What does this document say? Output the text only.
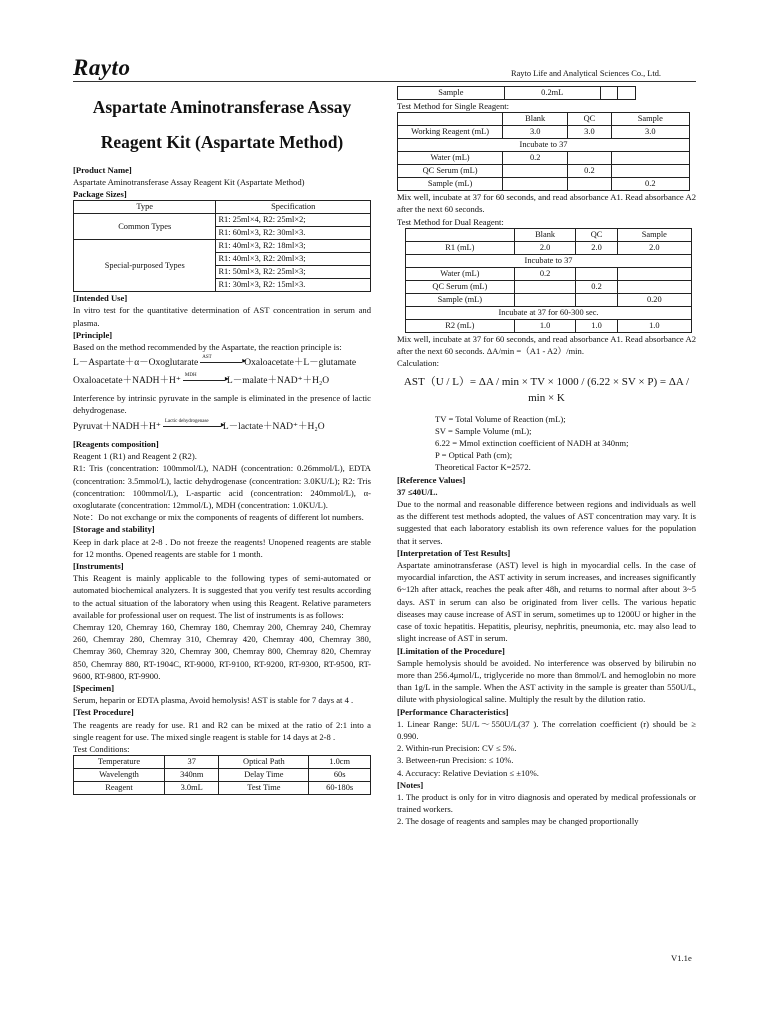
Rayto	Rayto Life and Analytical Sciences Co., Ltd.
Aspartate Aminotransferase Assay
Reagent Kit (Aspartate Method)
[Product Name]

Aspartate Aminotransferase Assay Reagent Kit (Aspartate Method)

Package Sizes]
Type	Specification
Common Types	R1: 25ml×4, R2: 25ml×2;
	R1: 60ml×3, R2: 30ml×3.
Special-purposed Types	R1: 40ml×3, R2: 18ml×3;
	R1: 40ml×3, R2: 20ml×3;
	R1: 50ml×3, R2: 25ml×3;
	R1: 30ml×3, R2: 15ml×3.
[Intended Use]

In vitro test for the quantitative determination of AST concentration in serum and plasma.

[Principle]

Based on the method recommended by the Aspartate, the reaction principle is:

L－Aspartate＋α－Oxoglutarate
AST
▸Oxaloacetate＋L－glutamate
Oxaloacetate＋NADH＋H⁺
MDH
▸L－malate＋NAD⁺＋H₂O

Interference by intrinsic pyruvate in the sample is eliminated in the presence of lactic dehydrogenase.

Pyruvat＋NADH＋H⁺
Lactic dehydrogenase
▸L－lactate＋NAD⁺＋H₂O
[Reagents composition]

Reagent 1 (R1) and Reagent 2 (R2).

R1: Tris (concentration: 100mmol/L), NADH (concentration: 0.26mmol/L), EDTA (concentration: 3.5mmol/L), lactic dehydrogenase (concentration: 3.0KU/L); R2: Tris (concentration: 100mmol/L), L-aspartic acid (concentration: 240mmol/L), α-oxoglutarate (concentration: 12mmol/L), MDH (concentration: 1.0KU/L).

Note：Do not exchange or mix the components of reagents of different lot numbers.

[Storage and stability]

Keep in dark place at 2-8 . Do not freeze the reagents! Unopened reagents are stable for 12 months. Opened reagents are stable for 1 month.

[Instruments]

This Reagent is mainly applicable to the following types of semi-automated or automated biochemical analyzers. It is suggested that you verify test results according to the actual situation of the laboratory when using this Reagent. Relative parameters available for professional user on request. The list of instruments is as follows:

Chemray 120, Chemray 160, Chemray 180, Chemray 200, Chemray 240, Chemray 260, Chemray 280, Chemray 310, Chemray 420, Chemray 400, Chemray 380, Chemray 360, Chemray 320, Chemray 300, Chemray 800, Chemray 820, Chemray 850, Chemray 880, RT-1904C, RT-9000, RT-9100, RT-9200, RT-9300, RT-9500, RT-9600, RT-9800, RT-9900.

[Specimen]

Serum, heparin or EDTA plasma, Avoid hemolysis! AST is stable for 7 days at 4 .

[Test Procedure]

The reagents are ready for use. R1 and R2 can be mixed at the ratio of 2:1 into a single reagent for use. The mixed single reagent is stable for 14 days at 2-8 .

Test Conditions:

Temperature	37	Optical Path	1.0cm
Wavelength	340nm	Delay Time	60s
Reagent	3.0mL	Test Time	60-180s
Sample	0.2mL		

Test Method for Single Reagent:

	Blank	QC	Sample
Working Reagent (mL)	3.0	3.0	3.0
Incubate to 37			
Water (mL)	0.2		
QC Serum (mL)		0.2	
Sample (mL)			0.2

Mix well, incubate at 37 for 60 seconds, and read absorbance A1. Read absorbance A2 after the next 60 seconds.

Test Method for Dual Reagent:

	Blank	QC	Sample
R1 (mL)	2.0	2.0	2.0
Incubate to 37			
Water (mL)	0.2		
QC Serum (mL)		0.2	
Sample (mL)			0.20
Incubate at 37 for 60-300 sec.			
R2 (mL)	1.0	1.0	1.0

Mix well, incubate at 37 for 60 seconds, and read absorbance A1. Read absorbance A2 after the next 60 seconds. ΔA/min =（A1 - A2）/min.

Calculation:

AST（U / L）= ΔA / min × TV × 1000 / (6.22 × SV × P) = ΔA / min × K

TV = Total Volume of Reaction (mL);

SV = Sample Volume (mL);

6.22 = Mmol extinction coefficient of NADH at 340nm;

P = Optical Path (cm);

Theoretical Factor K=2572.

[Reference Values]

37 ≤40U/L.

Due to the normal and reasonable difference between regions and individuals as well as the different test methods adopted, the values of AST concentration may vary. It is suggested that each laboratory establish its own reference values for the population that it serves.

[Interpretation of Test Results]

Aspartate aminotransferase (AST) level is high in myocardial cells. In the case of myocardial infarction, the AST activity in serum increases, and increases significantly 6~12h after attack, reaches the peak after 48h, and returns to normal after about 3~5 days. AST in serum can also be originated from liver cells. The various hepatic diseases may cause increase of AST in serum, sometimes up to 1200U or higher in the case of toxic hepatitis. Hepatitis, pleurisy, nephritis, pneumonia, etc. may also lead to slight increase of AST in serum.

[Limitation of the Procedure]

Sample hemolysis should be avoided. No interference was observed by bilirubin no more than 256.4μmol/L, triglyceride no more than 8mmol/L and hemoglobin no more than 1g/L in the sample. When the AST activity in the sample is greater than 550U/L, dilute with physiological saline. Multiply the result by the dilution ratio.

[Performance Characteristics]

1. Linear Range: 5U/L～550U/L(37 ). The correlation coefficient (r) should be ≥ 0.990.

2. Within-run Precision: CV ≤ 5%.

3. Between-run Precision: ≤ 10%.

4. Accuracy: Relative Deviation ≤ ±10%.

[Notes]

1. The product is only for in vitro diagnosis and operated by medical professionals or trained workers.

2. The dosage of reagents and samples may be changed proportionally

V1.1e
